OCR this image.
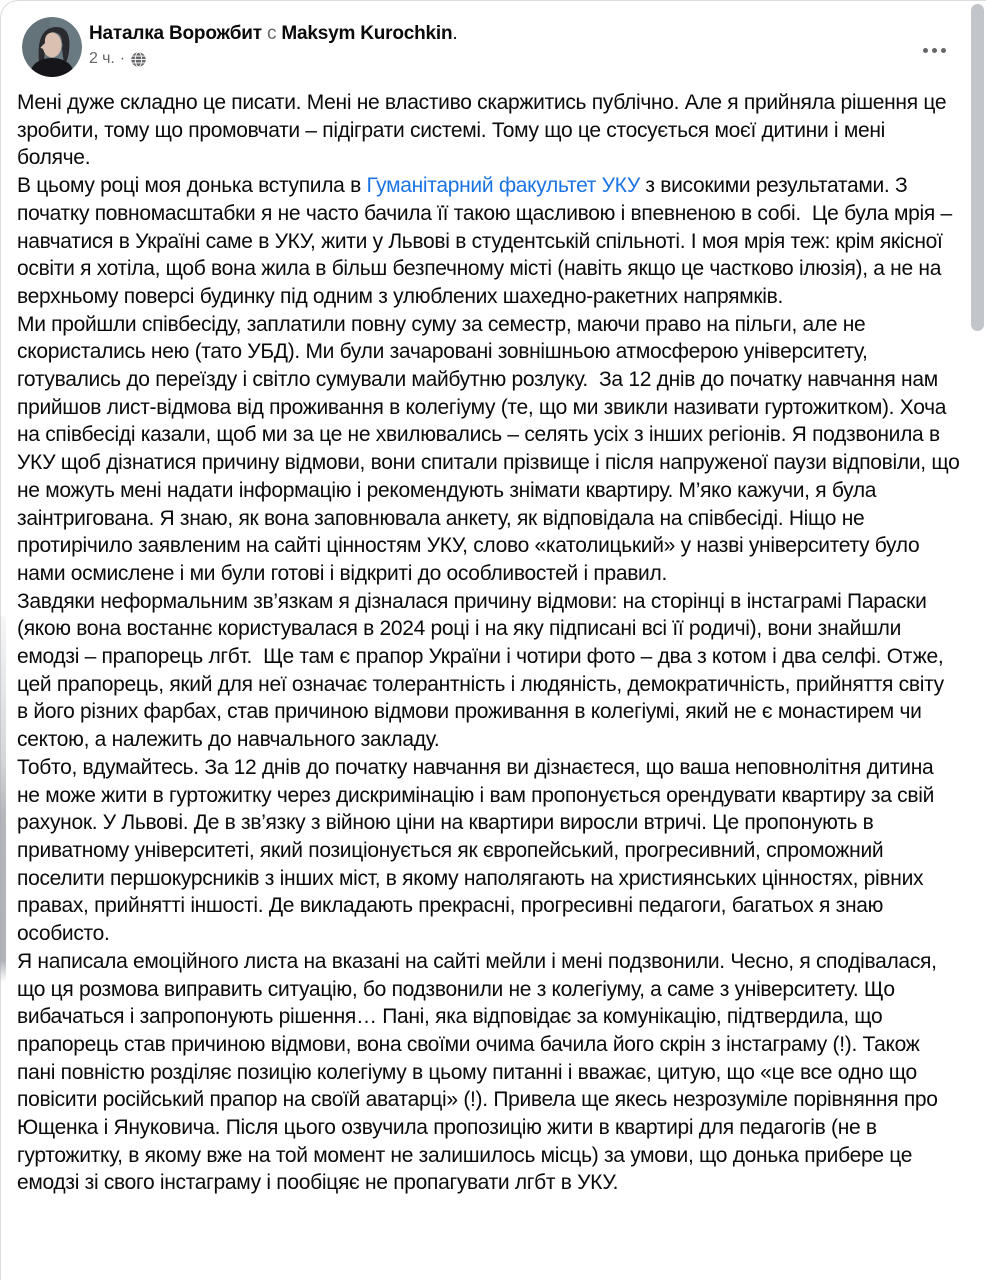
Наталка Ворожбит с Maksym Kurochkin.
2 ч. ·
Мені дуже складно це писати. Мені не властиво скаржитись публічно. Але я прийняла рішення це зробити, тому що промовчати – підіграти системі. Тому що це стосується моєї дитини і мені боляче.
В цьому році моя донька вступила в Гуманітарний факультет УКУ з високими результатами. З початку повномасштабки я не часто бачила її такою щасливою і впевненою в собі.  Це була мрія – навчатися в Україні саме в УКУ, жити у Львові в студентській спільноті. І моя мрія теж: крім якісної освіти я хотіла, щоб вона жила в більш безпечному місті (навіть якщо це частково ілюзія), а не на верхньому поверсі будинку під одним з улюблених шахедно-ракетних напрямків.
Ми пройшли співбесіду, заплатили повну суму за семестр, маючи право на пільги, але не скористались нею (тато УБД). Ми були зачаровані зовнішньою атмосферою університету, готувались до переїзду і світло сумували майбутню розлуку.  За 12 днів до початку навчання нам прийшов лист-відмова від проживання в колегіуму (те, що ми звикли називати гуртожитком). Хоча на співбесіді казали, щоб ми за це не хвилювались – селять усіх з інших регіонів. Я подзвонила в УКУ щоб дізнатися причину відмови, вони спитали прізвище і після напруженої паузи відповіли, що не можуть мені надати інформацію і рекомендують знімати квартиру. М’яко кажучи, я була заінтригована. Я знаю, як вона заповнювала анкету, як відповідала на співбесіді. Ніщо не протирічило заявленим на сайті цінностям УКУ, слово «католицький» у назві університету було нами осмислене і ми були готові і відкриті до особливостей і правил.
Завдяки неформальним зв’язкам я дізналася причину відмови: на сторінці в інстаграмі Параски (якою вона востаннє користувалася в 2024 році і на яку підписані всі її родичі), вони знайшли емодзі – прапорець лгбт.  Ще там є прапор України і чотири фото – два з котом і два селфі. Отже, цей прапорець, який для неї означає толерантність і людяність, демократичність, прийняття світу в його різних фарбах, став причиною відмови проживання в колегіумі, який не є монастирем чи сектою, а належить до навчального закладу.
Тобто, вдумайтесь. За 12 днів до початку навчання ви дізнаєтеся, що ваша неповнолітня дитина не може жити в гуртожитку через дискримінацію і вам пропонується орендувати квартиру за свій рахунок. У Львові. Де в зв’язку з війною ціни на квартири виросли втричі. Це пропонують в приватному університеті, який позиціонується як європейський, прогресивний, спроможний поселити першокурсників з інших міст, в якому наполягають на християнських цінностях, рівних правах, прийнятті іншості. Де викладають прекрасні, прогресивні педагоги, багатьох я знаю особисто.
Я написала емоційного листа на вказані на сайті мейли і мені подзвонили. Чесно, я сподівалася, що ця розмова виправить ситуацію, бо подзвонили не з колегіуму, а саме з університету. Що вибачаться і запропонують рішення… Пані, яка відповідає за комунікацію, підтвердила, що прапорець став причиною відмови, вона своїми очима бачила його скрін з інстаграму (!). Також пані повністю розділяє позицію колегіуму в цьому питанні і вважає, цитую, що «це все одно що повісити російський прапор на своїй аватарці» (!). Привела ще якесь незрозуміле порівняння про Ющенка і Януковича. Після цього озвучила пропозицію жити в квартирі для педагогів (не в гуртожитку, в якому вже на той момент не залишилось місць) за умови, що донька прибере це емодзі зі свого інстаграму і пообіцяє не пропагувати лгбт в УКУ.
